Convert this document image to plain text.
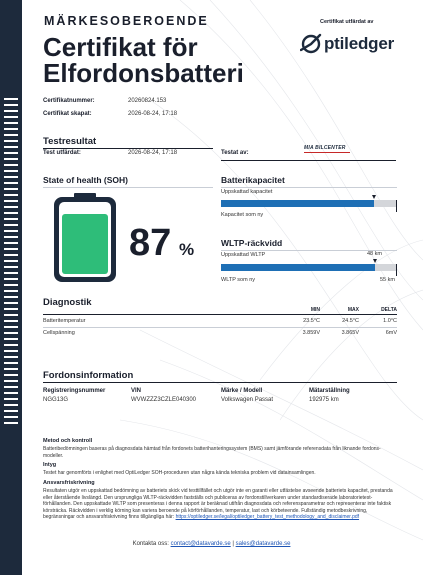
MÄRKESOBEROENDE
Certifikat för
Elfordonsbatteri
Certifikat utfärdat av
ptiledger
Certifikatnummer:	20260824.153
Certifikat skapat:	2026-08-24, 17:18
Testresultat
Test utfärdat:	2026-08-24, 17:18	Testat av:
MIA BILCENTER
State of health (SOH)
87 %
Batterikapacitet
Uppskattad kapacitet
Kapacitet som ny
WLTP-räckvidd
Uppskattad WLTP	48 km
WLTP som ny	55 km
Diagnostik
MIN	MAX	DELTA
Batteritemperatur	23.5°C	24.5°C	1.0°C
Cellspänning	3.859V	3.865V	6mV
Fordonsinformation
Registreringsnummer
NGG13G
VIN
WVWZZZ3CZLE040300
Märke / Modell
Volkswagen Passat
Mätarställning
192975 km
Metod och kontroll
Batteribedömningen baseras på diagnosdata hämtad från fordonets batterihanteringssystem (BMS) samt jämförande referensdata från liknande fordons-modeller.
Intyg
Testet har genomförts i enlighet med OptiLedger SOH-proceduren utan några kända tekniska problem vid datainsamlingen.
Ansvarsfriskrivning
Resultaten utgör en uppskattad bedömning av batteriets skick vid testtillfället och utgör inte en garanti eller utfästelse avseende batteriets kapacitet, prestanda eller återstående livslängd. Den ursprungliga WLTP-räckvidden fastställs och publiceras av fordonstillverkaren under standardiserade laboratorietest-förhållanden. Den uppskattade WLTP som presenteras i denna rapport är beräknad utifrån diagnosdata och referensparametrar och representerar inte faktisk körsträcka. Räckvidden i verklig körning kan variera beroende på körförhållanden, temperatur, last och körbeteende. Fullständig metodbeskrivning, begränsningar och ansvarsfriskrivning finns tillgängliga här: https://optiledger.se/legal/optiledger_battery_test_methodology_and_disclaimer.pdf
Kontakta oss: contact@datavarde.se | sales@datavarde.se
